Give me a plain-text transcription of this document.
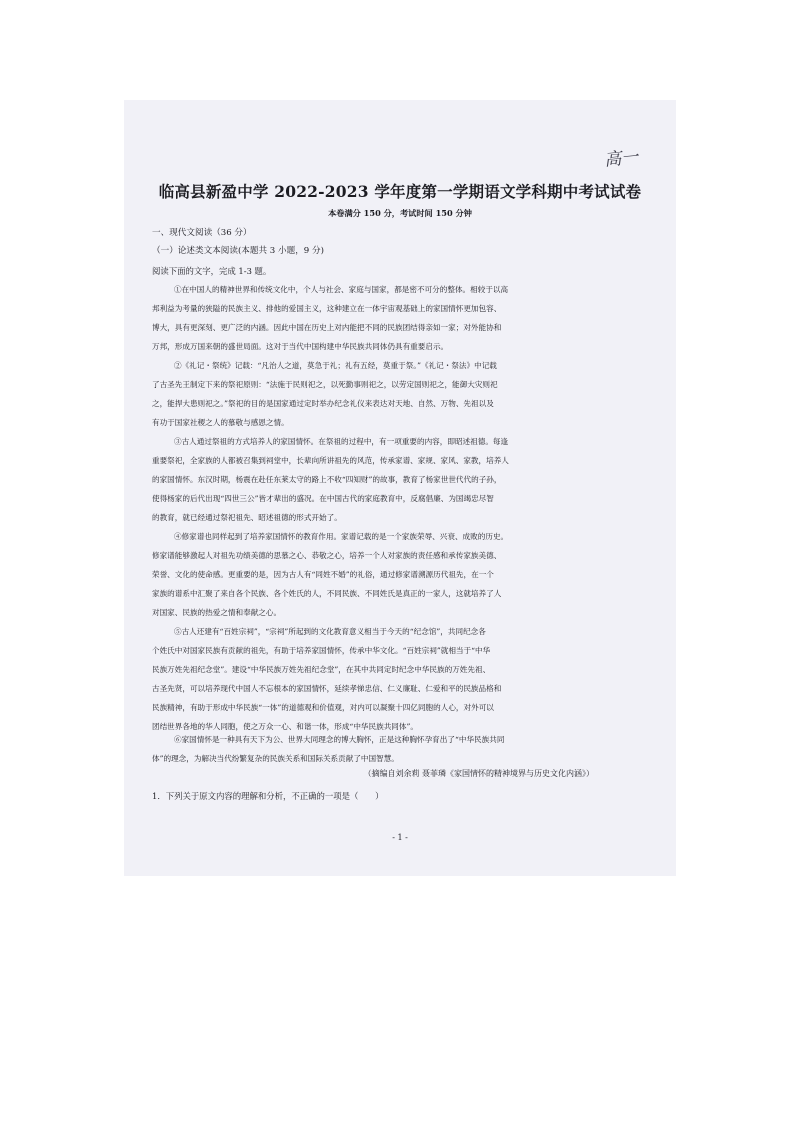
高一
临高县新盈中学 2022-2023 学年度第一学期语文学科期中考试试卷
本卷满分 150 分，考试时间 150 分钟
一、现代文阅读（36 分）
（一）论述类文本阅读(本题共 3 小题，9 分)
阅读下面的文字，完成 1-3 题。
①在中国人的精神世界和传统文化中，个人与社会、家庭与国家，都是密不可分的整体。相较于以高
邦利益为考量的狭隘的民族主义、排他的爱国主义，这种建立在一体宇宙观基础上的家国情怀更加包容、
博大，具有更深刻、更广泛的内涵。因此中国在历史上对内能把不同的民族团结得亲如一家；对外能协和
万邦，形成万国来朝的盛世局面。这对于当代中国构建中华民族共同体仍具有重要启示。
②《礼记・祭统》记载：“凡治人之道，莫急于礼；礼有五经，莫重于祭。”《礼记・祭法》中记载
了古圣先王制定下来的祭祀原则：“法施于民则祀之，以死勤事则祀之，以劳定国则祀之，能御大灾则祀
之，能捍大患则祀之。”祭祀的目的是国家通过定时举办纪念礼仪来表达对天地、自然、万物、先祖以及
有功于国家社稷之人的慕敬与感恩之情。
③古人通过祭祖的方式培养人的家国情怀。在祭祖的过程中，有一项重要的内容，即昭述祖德。每逢
重要祭祀，全家族的人都被召集到祠堂中，长辈向所讲祖先的风范，传承家谱、家规、家风、家教，培养人
的家国情怀。东汉时期，杨震在赴任东莱太守的路上不收“四知财”的故事，教育了杨家世世代代的子孙，
使得杨家的后代出现“四世三公”皆才辈出的盛况。在中国古代的家庭教育中，反腐倡廉、为国竭忠尽智
的教育，就已经通过祭祀祖先、昭述祖德的形式开始了。
④修家谱也同样起到了培养家国情怀的教育作用。家谱记载的是一个家族荣辱、兴衰、成败的历史。
修家谱能够激起人对祖先功绩美德的思慕之心、恭敬之心，培养一个人对家族的责任感和承传家族美德、
荣誉、文化的使命感。更重要的是，因为古人有“同姓不婚”的礼俗，通过修家谱溯源历代祖先，在一个
家族的谱系中汇聚了来自各个民族、各个姓氏的人，不同民族、不同姓氏是真正的一家人，这就培养了人
对国家、民族的热爱之情和奉献之心。
⑤古人还建有“百姓宗祠”，“宗祠”所起到的文化教育意义相当于今天的“纪念馆”，共同纪念各
个姓氏中对国家民族有贡献的祖先，有助于培养家国情怀，传承中华文化。“百姓宗祠”就相当于“中华
民族万姓先祖纪念堂”。建设“中华民族万姓先祖纪念堂”，在其中共同定时纪念中华民族的万姓先祖、
古圣先贤，可以培养现代中国人不忘根本的家国情怀，延续孝悌忠信、仁义廉耻、仁爱和平的民族品格和
民族精神，有助于形成中华民族“一体”的道德观和价值观，对内可以凝聚十四亿同胞的人心，对外可以
团结世界各地的华人同胞，使之万众一心、和谐一体，形成“中华民族共同体”。
⑥家国情怀是一种具有天下为公、世界大同理念的博大胸怀，正是这种胸怀孕育出了“中华民族共同
体”的理念，为解决当代纷繁复杂的民族关系和国际关系贡献了中国智慧。
（摘编自刘余莉 聂菲璘《家国情怀的精神境界与历史文化内涵》）
1．下列关于原文内容的理解和分析，不正确的一项是（　　）
- 1 -
